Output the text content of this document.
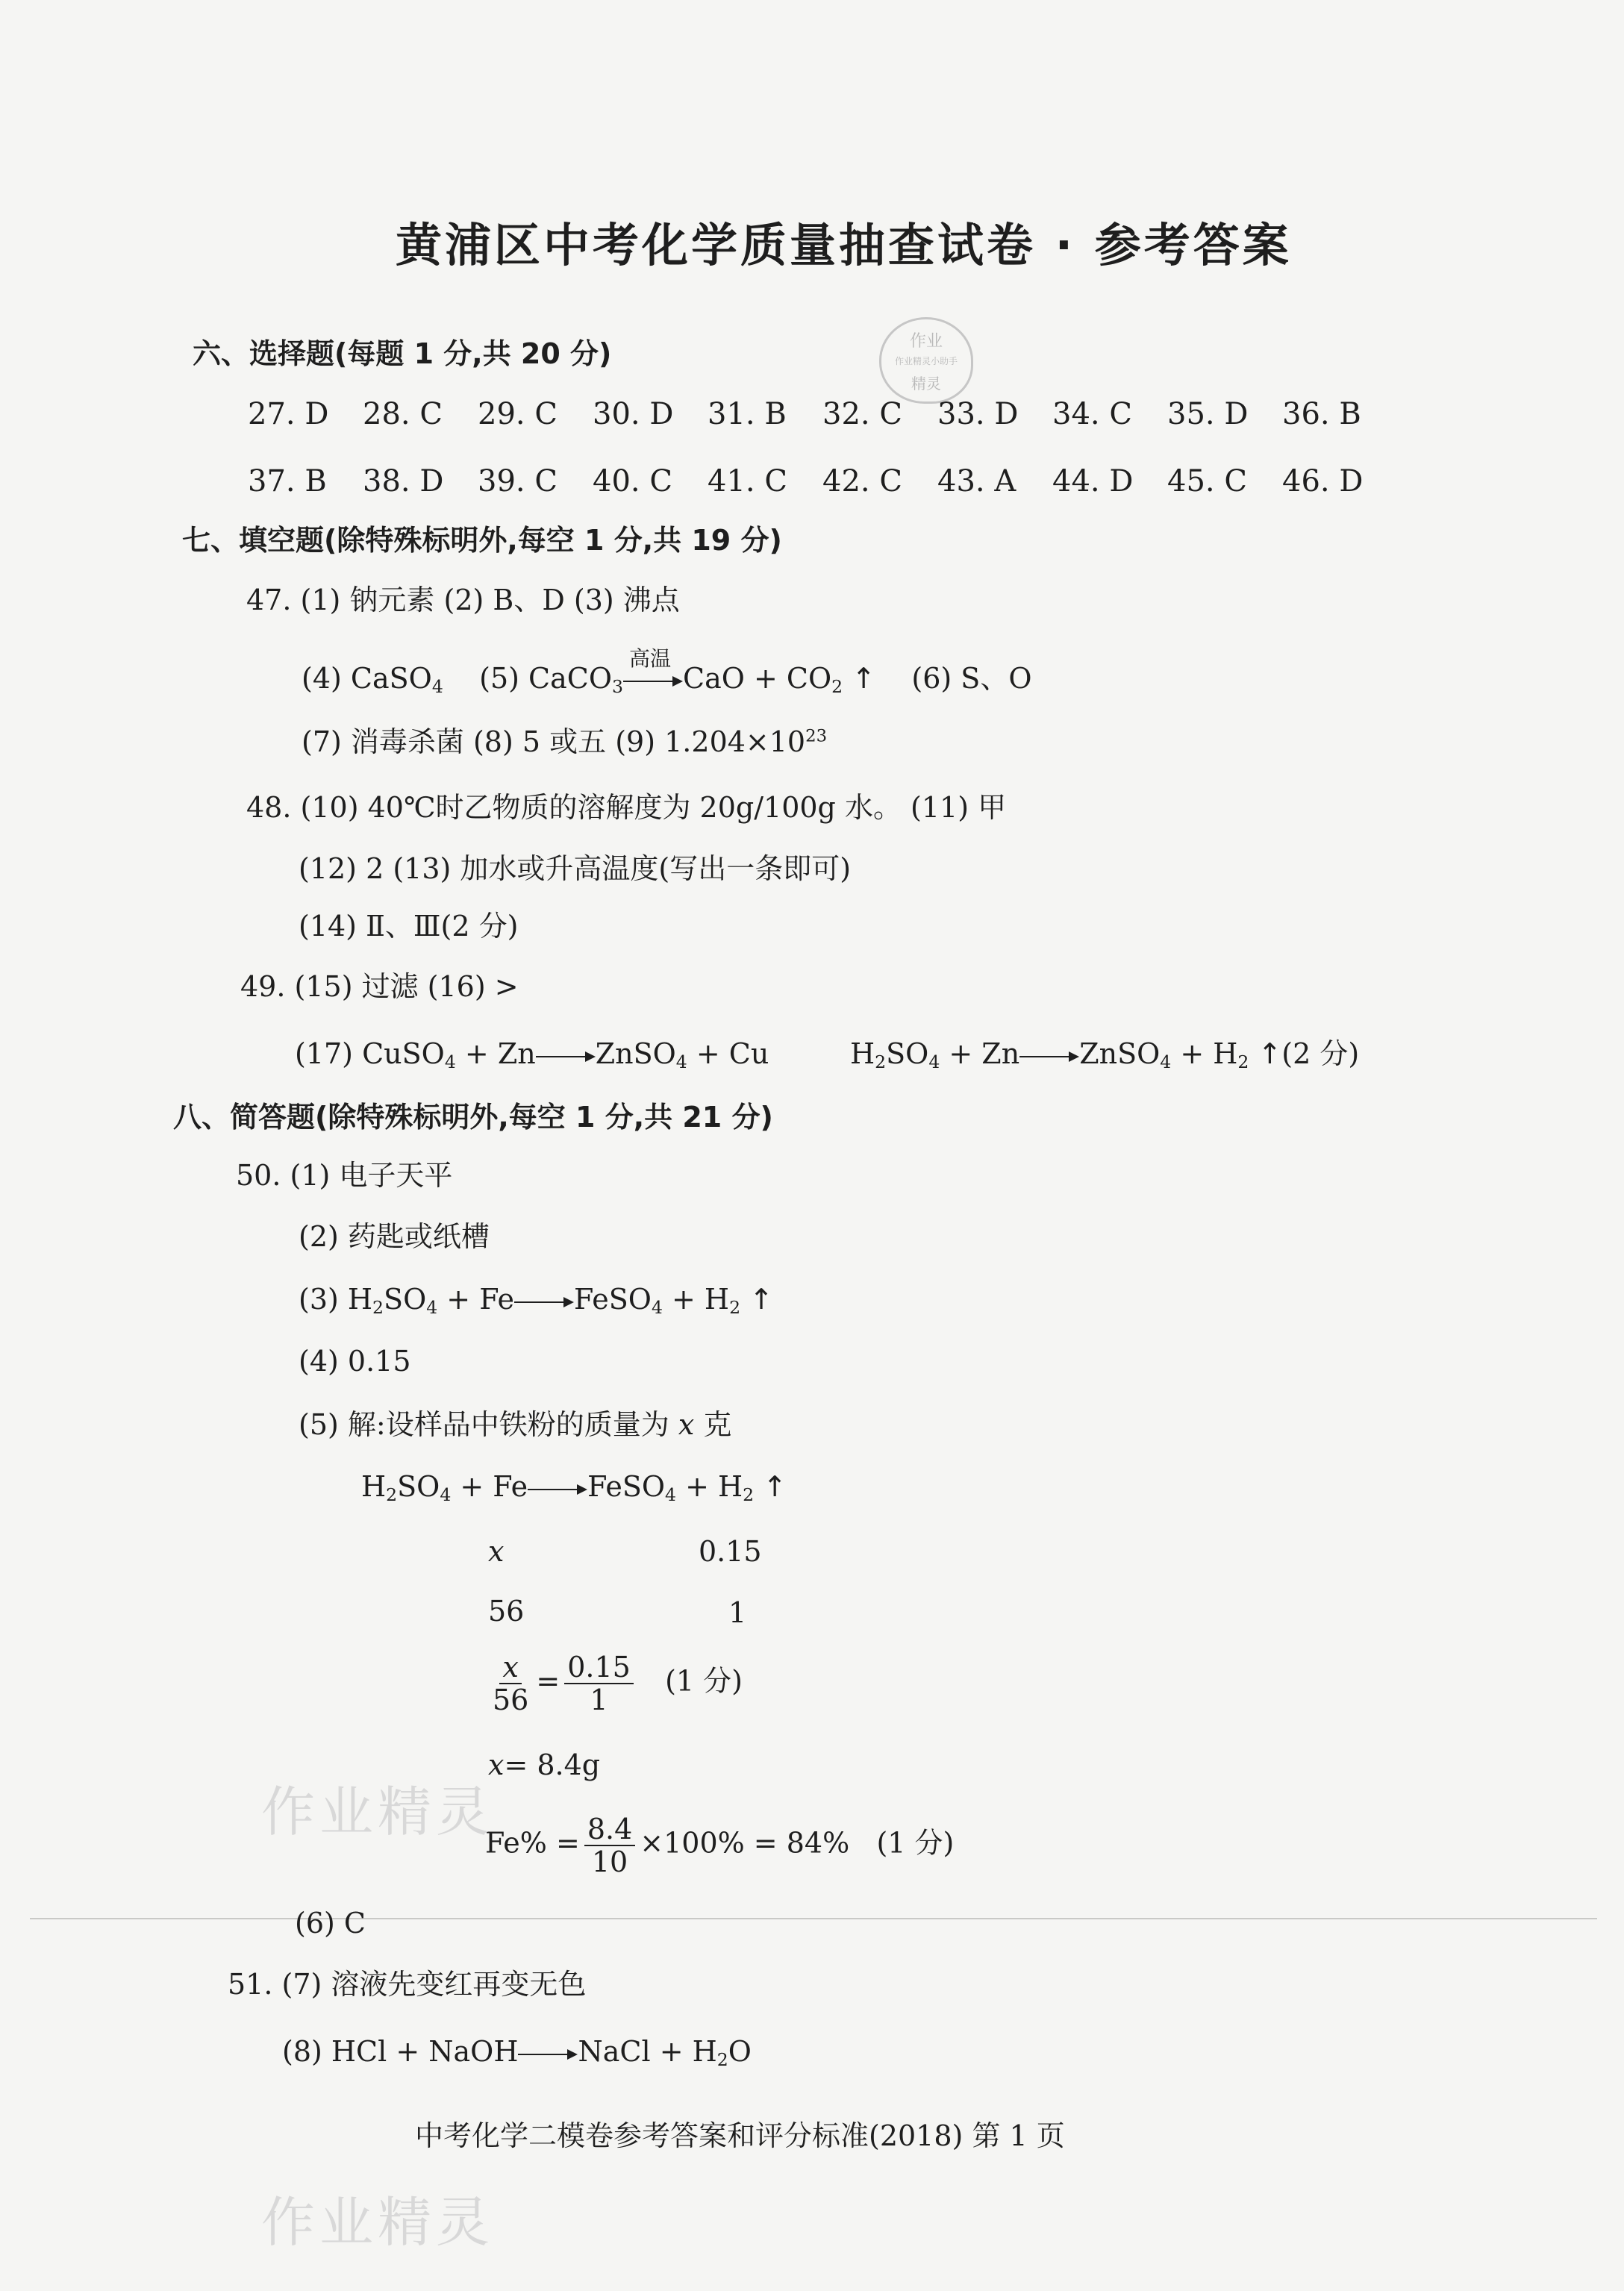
黄浦区中考化学质量抽查试卷 · 参考答案
作业
作业精灵小助手
精灵
六、选择题(每题 1 分,共 20 分)
27. D	28. C	29. C	30. D	31. B	32. C	33. D	34. C	35. D	36. B
37. B	38. D	39. C	40. C	41. C	42. C	43. A	44. D	45. C	46. D
七、填空题(除特殊标明外,每空 1 分,共 19 分)
47. (1) 钠元素 (2) B、D (3) 沸点
(4) CaSO$_4$ (5) CaCO$_3$
高温
CaO + $CO_2$ ↑ (6) S、O
(7) 消毒杀菌 (8) 5 或五 (9) $1.204\times 10^{23}$
48. (10) 40℃时乙物质的溶解度为 20g/100g 水。 (11) 甲
(12) 2 (13) 加水或升高温度(写出一条即可)
(14) Ⅱ、Ⅲ(2 分)
49. (15) 过滤 (16) >
(17) CuSO$_4$ + Zn ZnSO$_4$ + Cu         $H_2SO_4 + Zn$ ZnSO$_4$ + $H_2$ ↑(2 分)
八、简答题(除特殊标明外,每空 1 分,共 21 分)
50. (1) 电子天平
(2) 药匙或纸槽
(3) $H_2SO_4 + Fe$ FeSO$_4$ + $H_2$ ↑
(4) 0.15
(5) 解:设样品中铁粉的质量为 x 克
$H_2SO_4 + Fe$ FeSO$_4$ + $H_2$ ↑
x	0.15
56	1
$\frac{x}{56} = \frac{0.15}{1} (1$ 分)
x= 8.4g
$Fe\% = \frac{8.4}{10} \times 100\% = 84\%$ (1 分)
(6) C
51. (7) 溶液先变红再变无色
(8) HCl + NaOH NaCl + $H_2O$
中考化学二模卷参考答案和评分标准(2018) 第 1 页
作业精灵
作业精灵
